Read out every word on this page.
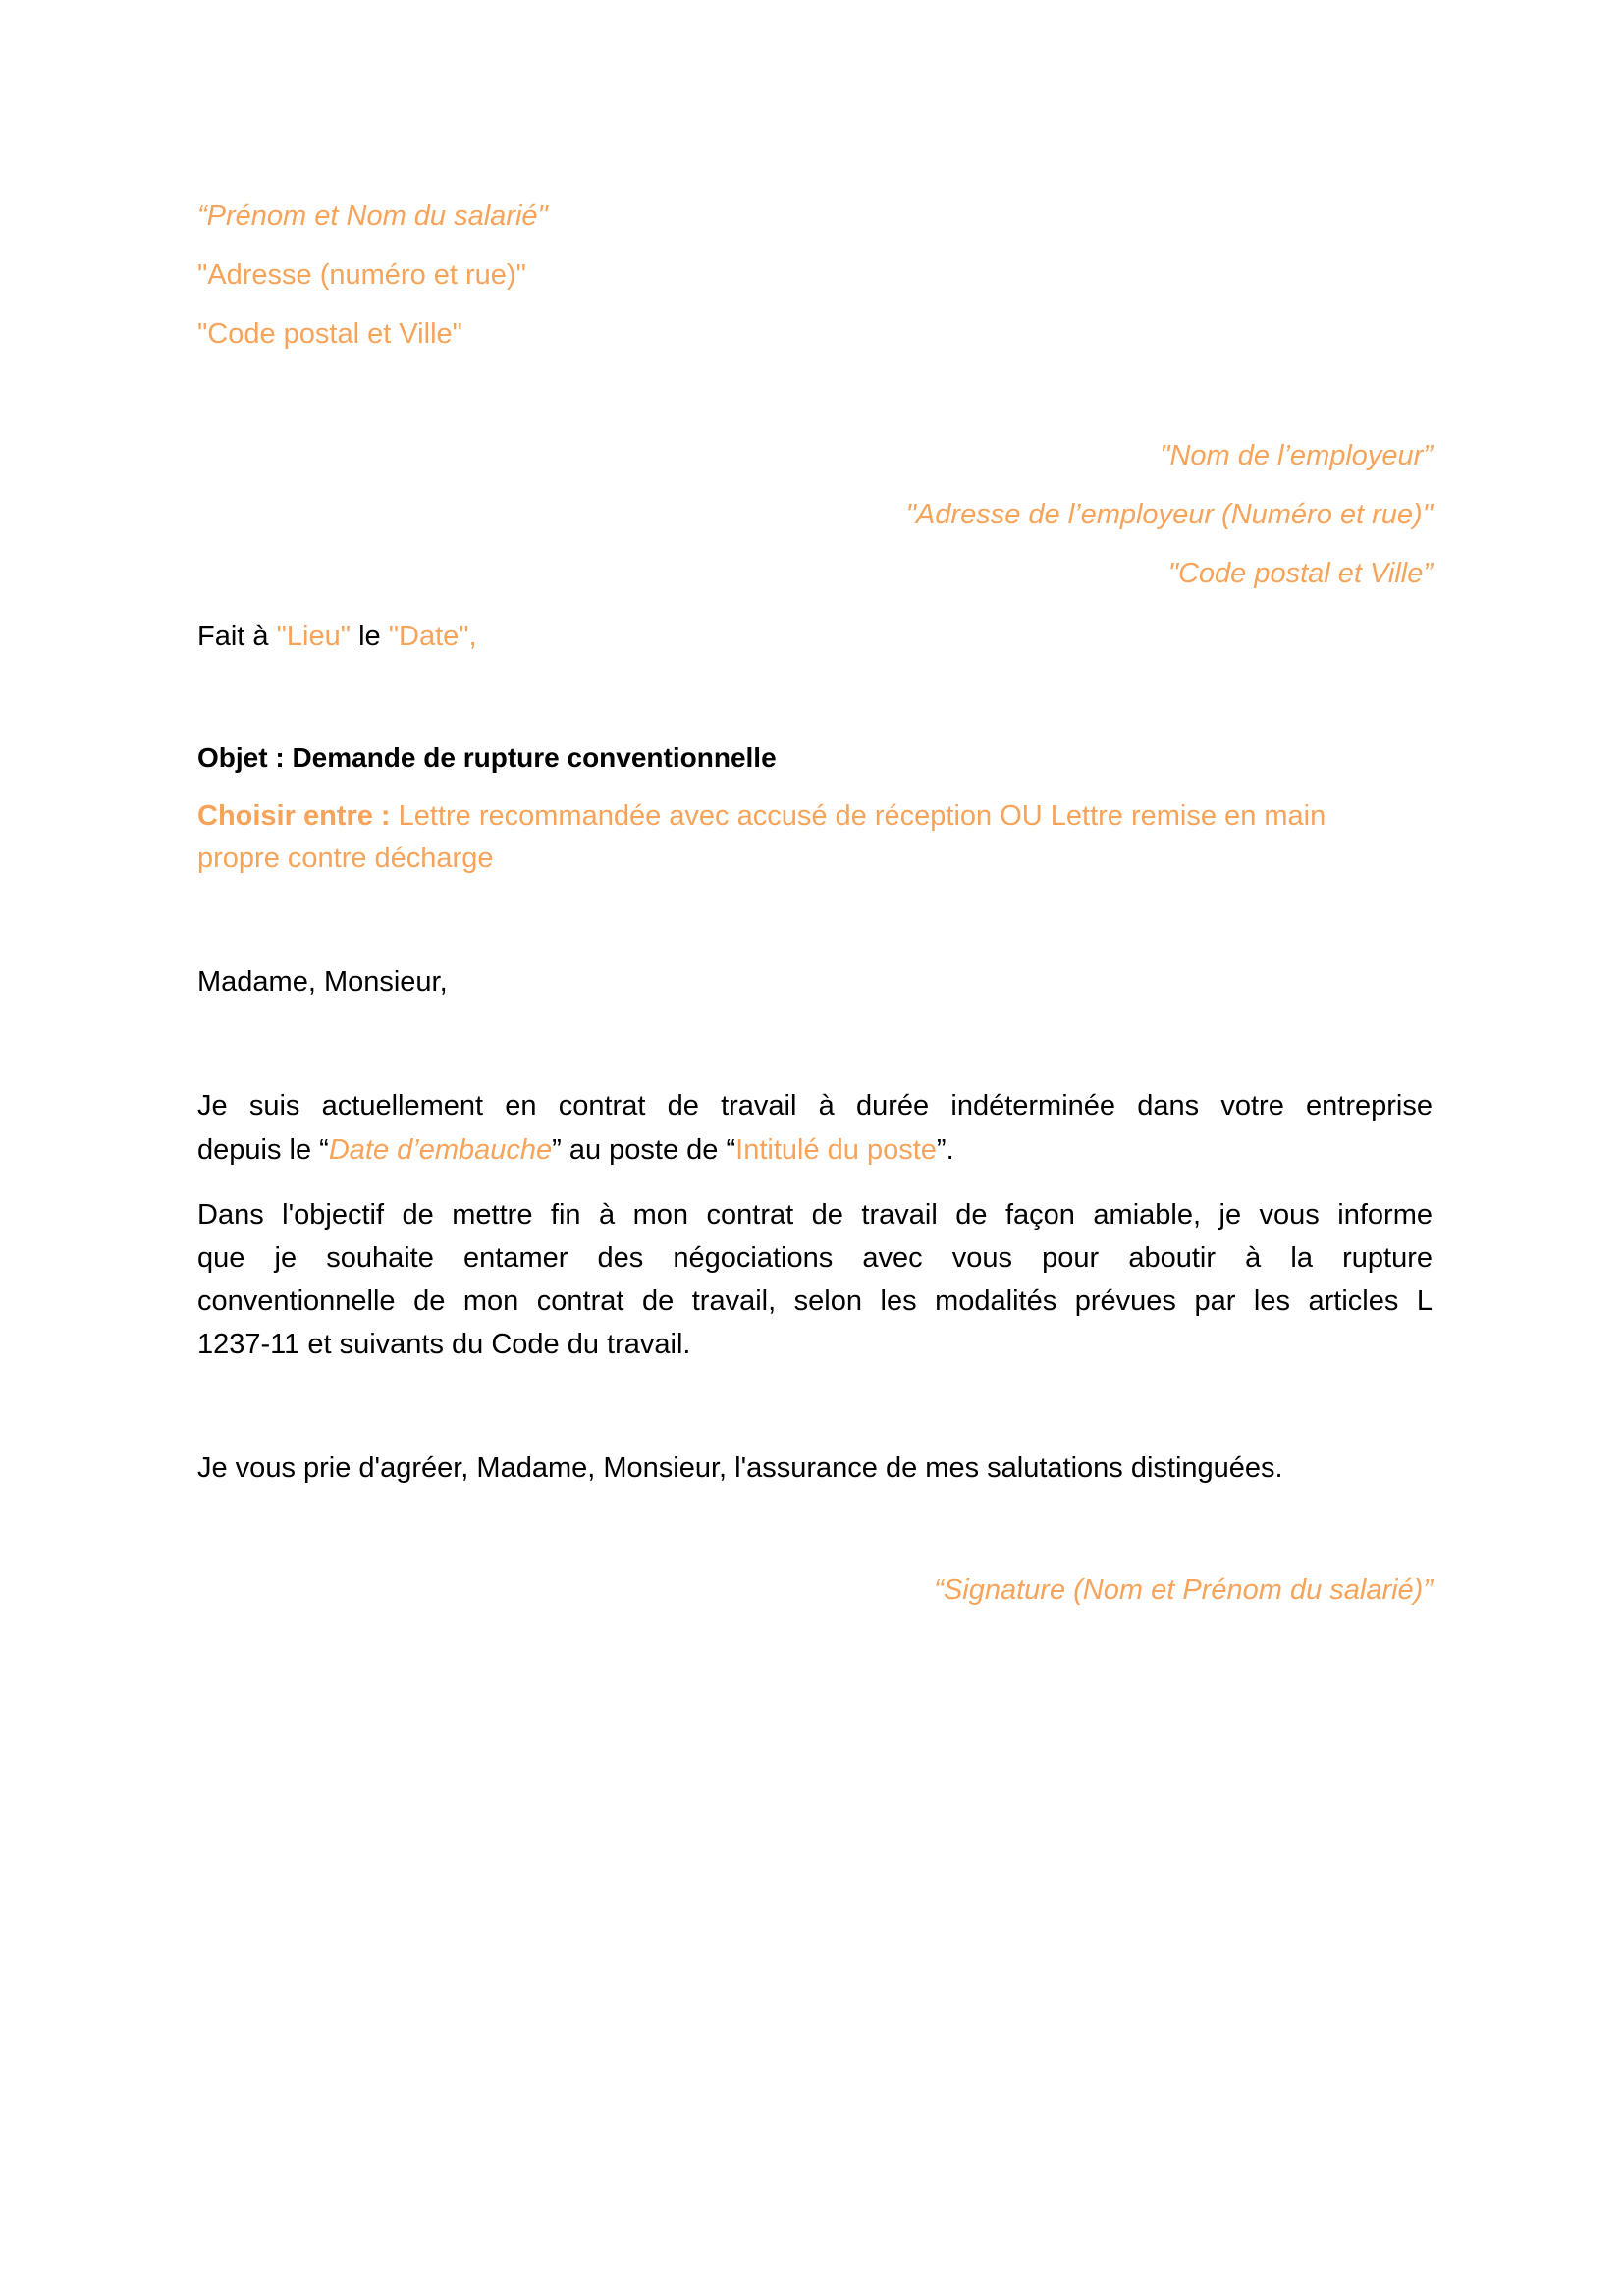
“Prénom et Nom du salarié"
"Adresse (numéro et rue)"
"Code postal et Ville"
"Nom de l’employeur”
"Adresse de l’employeur (Numéro et rue)"
"Code postal et Ville”
Fait à "Lieu" le "Date",
Objet : Demande de rupture conventionnelle
Choisir entre : Lettre recommandée avec accusé de réception OU Lettre remise en main
propre contre décharge
Madame, Monsieur,
Je suis actuellement en contrat de travail à durée indéterminée dans votre entreprise
depuis le “Date d’embauche” au poste de “Intitulé du poste”.
Dans l'objectif de mettre fin à mon contrat de travail de façon amiable, je vous informe
que je souhaite entamer des négociations avec vous pour aboutir à la rupture
conventionnelle de mon contrat de travail, selon les modalités prévues par les articles L
1237-11 et suivants du Code du travail.
Je vous prie d'agréer, Madame, Monsieur, l'assurance de mes salutations distinguées.
“Signature (Nom et Prénom du salarié)”
